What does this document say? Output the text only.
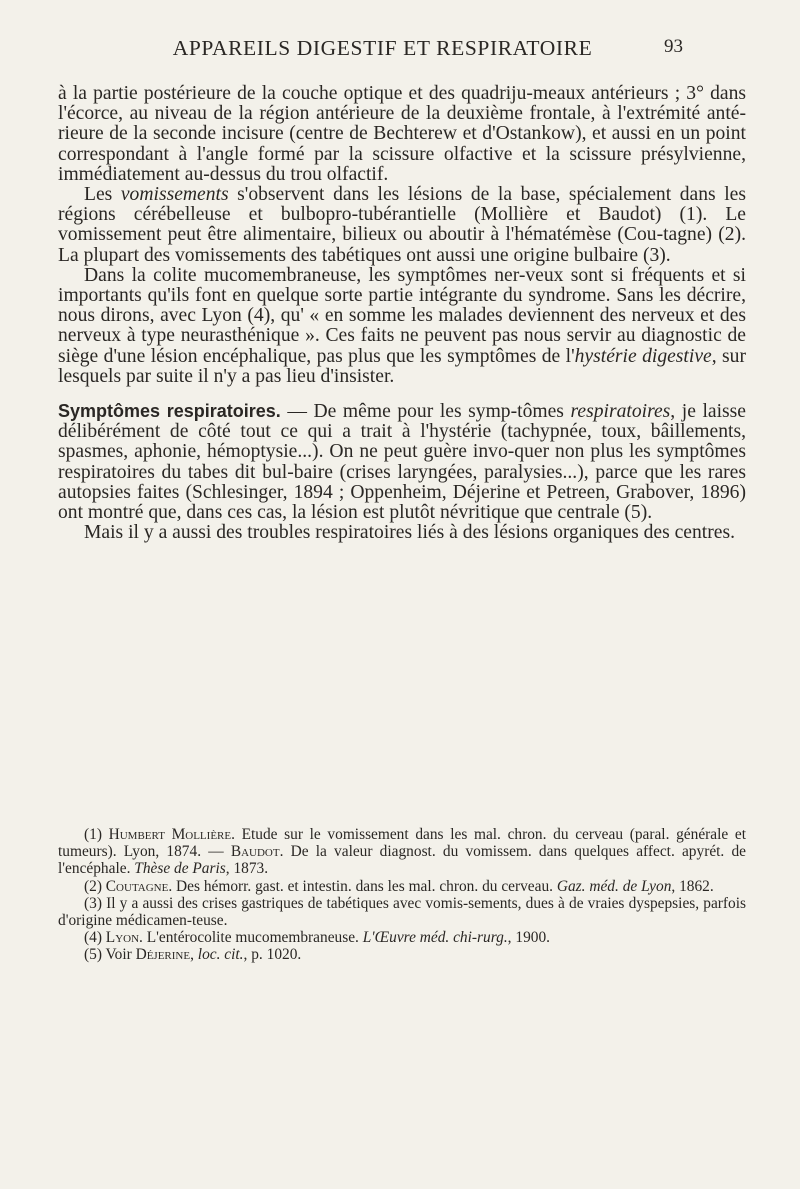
APPAREILS DIGESTIF ET RESPIRATOIRE	93

à la partie postérieure de la couche optique et des quadriju-meaux antérieurs ; 3° dans l'écorce, au niveau de la région antérieure de la deuxième frontale, à l'extrémité anté-rieure de la seconde incisure (centre de Bechterew et d'Ostankow), et aussi en un point correspondant à l'angle formé par la scissure olfactive et la scissure présylvienne, immédiatement au-dessus du trou olfactif.

Les vomissements s'observent dans les lésions de la base, spécialement dans les régions cérébelleuse et bulbopro-tubérantielle (Mollière et Baudot) (1). Le vomissement peut être alimentaire, bilieux ou aboutir à l'hématémèse (Cou-tagne) (2). La plupart des vomissements des tabétiques ont aussi une origine bulbaire (3).

Dans la colite mucomembraneuse, les symptômes ner-veux sont si fréquents et si importants qu'ils font en quelque sorte partie intégrante du syndrome. Sans les décrire, nous dirons, avec Lyon (4), qu' « en somme les malades deviennent des nerveux et des nerveux à type neurasthénique ». Ces faits ne peuvent pas nous servir au diagnostic de siège d'une lésion encéphalique, pas plus que les symptômes de l'hystérie digestive, sur lesquels par suite il n'y a pas lieu d'insister.

Symptômes respiratoires. — De même pour les symp-tômes respiratoires, je laisse délibérément de côté tout ce qui a trait à l'hystérie (tachypnée, toux, bâillements, spasmes, aphonie, hémoptysie...). On ne peut guère invo-quer non plus les symptômes respiratoires du tabes dit bul-baire (crises laryngées, paralysies...), parce que les rares autopsies faites (Schlesinger, 1894 ; Oppenheim, Déjerine et Petreen, Grabover, 1896) ont montré que, dans ces cas, la lésion est plutôt névritique que centrale (5).

Mais il y a aussi des troubles respiratoires liés à des lésions organiques des centres.

(1) Humbert Mollière. Etude sur le vomissement dans les mal. chron. du cerveau (paral. générale et tumeurs). Lyon, 1874. — Baudot. De la valeur diagnost. du vomissem. dans quelques affect. apyrét. de l'encéphale. Thèse de Paris, 1873.

(2) Coutagne. Des hémorr. gast. et intestin. dans les mal. chron. du cerveau. Gaz. méd. de Lyon, 1862.

(3) Il y a aussi des crises gastriques de tabétiques avec vomis-sements, dues à de vraies dyspepsies, parfois d'origine médicamen-teuse.

(4) Lyon. L'entérocolite mucomembraneuse. L'Œuvre méd. chi-rurg., 1900.

(5) Voir Déjerine, loc. cit., p. 1020.
